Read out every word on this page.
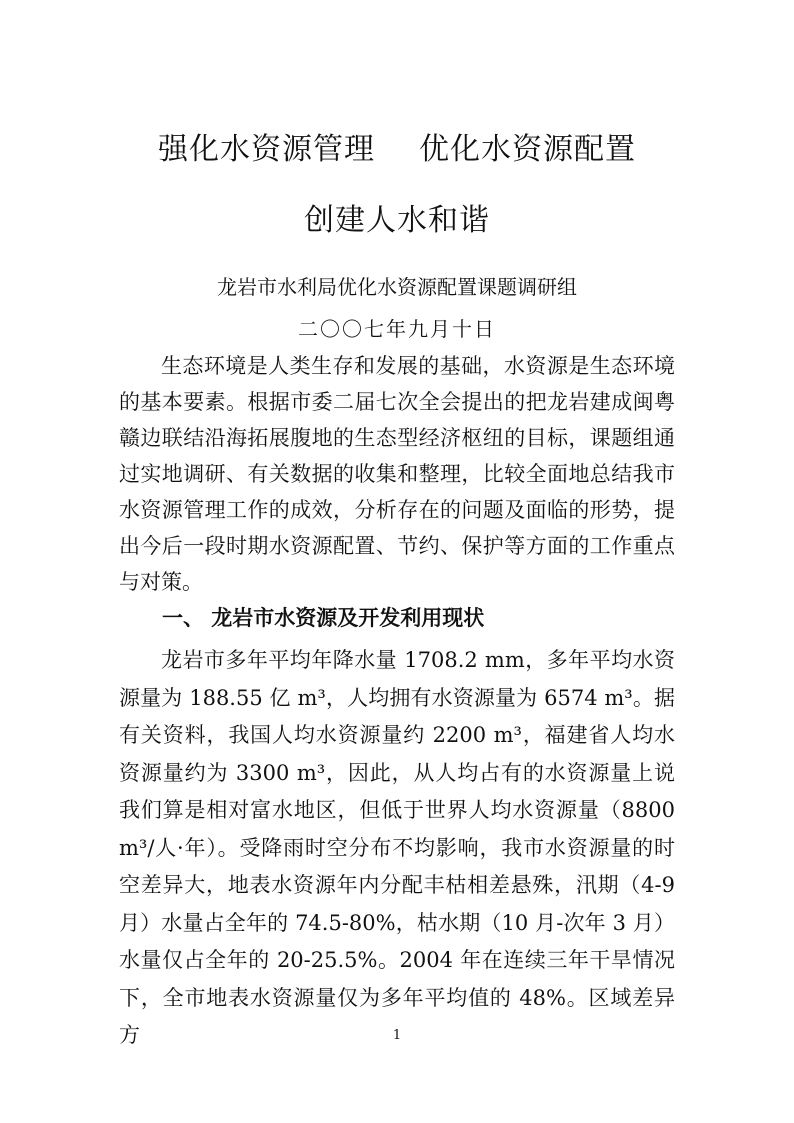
强化水资源管理 优化水资源配置
创建人水和谐
龙岩市水利局优化水资源配置课题调研组
二〇〇七年九月十日

生态环境是人类生存和发展的基础，水资源是生态环境的基本要素。根据市委二届七次全会提出的把龙岩建成闽粤赣边联结沿海拓展腹地的生态型经济枢纽的目标，课题组通过实地调研、有关数据的收集和整理，比较全面地总结我市水资源管理工作的成效，分析存在的问题及面临的形势，提出今后一段时期水资源配置、节约、保护等方面的工作重点与对策。

一、 龙岩市水资源及开发利用现状

龙岩市多年平均年降水量 1708.2 mm，多年平均水资源量为 188.55 亿 m³，人均拥有水资源量为 6574 m³。据有关资料，我国人均水资源量约 2200 m³，福建省人均水资源量约为 3300 m³，因此，从人均占有的水资源量上说我们算是相对富水地区，但低于世界人均水资源量（8800 m³/人·年）。受降雨时空分布不均影响，我市水资源量的时空差异大，地表水资源年内分配丰枯相差悬殊，汛期（4-9 月）水量占全年的 74.5-80%，枯水期（10 月-次年 3 月）水量仅占全年的 20-25.5%。2004 年在连续三年干旱情况下，全市地表水资源量仅为多年平均值的 48%。区域差异方	1
